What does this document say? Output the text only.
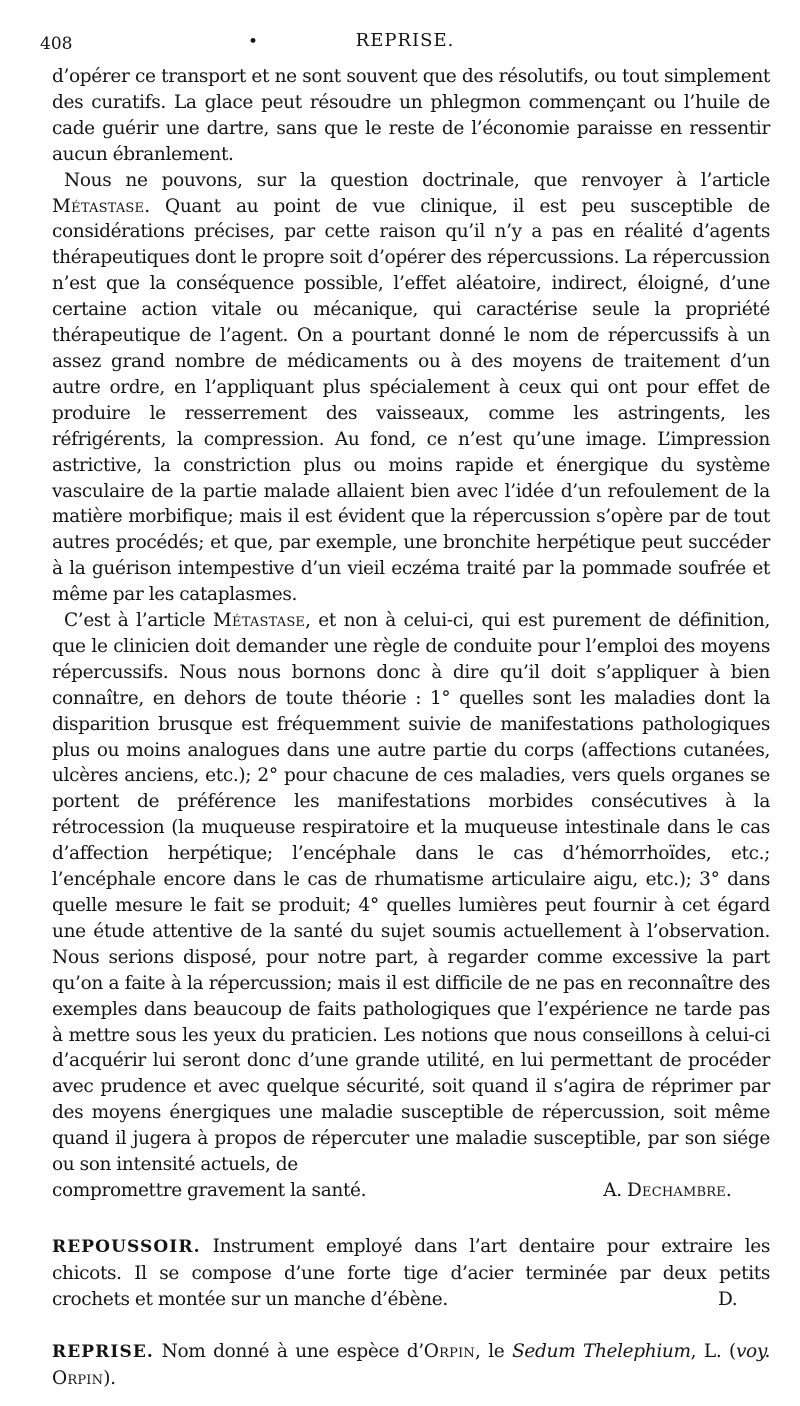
408	•	REPRISE.

d’opérer ce transport et ne sont souvent que des résolutifs, ou tout simplement des curatifs. La glace peut résoudre un phlegmon commençant ou l’huile de cade guérir une dartre, sans que le reste de l’économie paraisse en ressentir aucun ébranlement.

Nous ne pouvons, sur la question doctrinale, que renvoyer à l’article Métastase. Quant au point de vue clinique, il est peu susceptible de considérations précises, par cette raison qu’il n’y a pas en réalité d’agents thérapeutiques dont le propre soit d’opérer des répercussions. La répercussion n’est que la conséquence possible, l’effet aléatoire, indirect, éloigné, d’une certaine action vitale ou mécanique, qui caractérise seule la propriété thérapeutique de l’agent. On a pourtant donné le nom de répercussifs à un assez grand nombre de médicaments ou à des moyens de traitement d’un autre ordre, en l’appliquant plus spécialement à ceux qui ont pour effet de produire le resserrement des vaisseaux, comme les astringents, les réfrigérents, la compression. Au fond, ce n’est qu’une image. L’impression astrictive, la constriction plus ou moins rapide et énergique du système vasculaire de la partie malade allaient bien avec l’idée d’un refoulement de la matière morbifique; mais il est évident que la répercussion s’opère par de tout autres procédés; et que, par exemple, une bronchite herpétique peut succéder à la guérison intempestive d’un vieil eczéma traité par la pommade soufrée et même par les cataplasmes.

C’est à l’article Métastase, et non à celui-ci, qui est purement de définition, que le clinicien doit demander une règle de conduite pour l’emploi des moyens répercussifs. Nous nous bornons donc à dire qu’il doit s’appliquer à bien connaître, en dehors de toute théorie : 1° quelles sont les maladies dont la disparition brusque est fréquemment suivie de manifestations pathologiques plus ou moins analogues dans une autre partie du corps (affections cutanées, ulcères anciens, etc.); 2° pour chacune de ces maladies, vers quels organes se portent de préférence les manifestations morbides consécutives à la rétrocession (la muqueuse respiratoire et la muqueuse intestinale dans le cas d’affection herpétique; l’encéphale dans le cas d’hémorrhoïdes, etc.; l’encéphale encore dans le cas de rhumatisme articulaire aigu, etc.); 3° dans quelle mesure le fait se produit; 4° quelles lumières peut fournir à cet égard une étude attentive de la santé du sujet soumis actuellement à l’observation. Nous serions disposé, pour notre part, à regarder comme excessive la part qu’on a faite à la répercussion; mais il est difficile de ne pas en reconnaître des exemples dans beaucoup de faits pathologiques que l’expérience ne tarde pas à mettre sous les yeux du praticien. Les notions que nous conseillons à celui-ci d’acquérir lui seront donc d’une grande utilité, en lui permettant de procéder avec prudence et avec quelque sécurité, soit quand il s’agira de réprimer par des moyens énergiques une maladie susceptible de répercussion, soit même quand il jugera à propos de répercuter une maladie susceptible, par son siége ou son intensité actuels, de

compromettre gravement la santé.	A. Dechambre.

REPOUSSOIR. Instrument employé dans l’art dentaire pour extraire les chicots. Il se compose d’une forte tige d’acier terminée par deux petits crochets et montée sur un manche d’ébène.	D.

REPRISE. Nom donné à une espèce d’Orpin, le Sedum Thelephium, L. (voy. Orpin).
